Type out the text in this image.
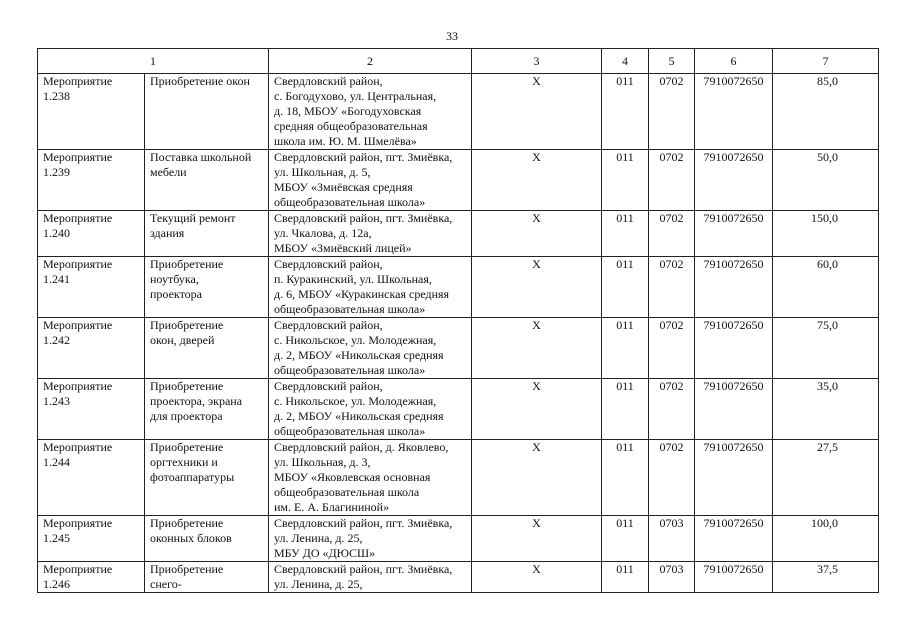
33
1		2	3	4	5	6	7

Мероприятие
1.238	Приобретение окон	Свердловский район,
с. Богодухово, ул. Центральная,
д. 18, МБОУ «Богодуховская
средняя общеобразовательная
школа им. Ю. М. Шмелёва»	X	011	0702	7910072650	85,0

Мероприятие
1.239	Поставка школьной
мебели	Свердловский район, пгт. Змиёвка,
ул. Школьная, д. 5,
МБОУ «Змиёвская средняя
общеобразовательная школа»	X	011	0702	7910072650	50,0

Мероприятие
1.240	Текущий ремонт
здания	Свердловский район, пгт. Змиёвка,
ул. Чкалова, д. 12а,
МБОУ «Змиёвский лицей»	X	011	0702	7910072650	150,0

Мероприятие
1.241	Приобретение
ноутбука,
проектора	Свердловский район,
п. Куракинский, ул. Школьная,
д. 6, МБОУ «Куракинская средняя
общеобразовательная школа»	X	011	0702	7910072650	60,0

Мероприятие
1.242	Приобретение
окон, дверей	Свердловский район,
с. Никольское, ул. Молодежная,
д. 2, МБОУ «Никольская средняя
общеобразовательная школа»	X	011	0702	7910072650	75,0

Мероприятие
1.243	Приобретение
проектора, экрана
для проектора	Свердловский район,
с. Никольское, ул. Молодежная,
д. 2, МБОУ «Никольская средняя
общеобразовательная школа»	X	011	0702	7910072650	35,0

Мероприятие
1.244	Приобретение
оргтехники и
фотоаппаратуры	Свердловский район, д. Яковлево,
ул. Школьная, д. 3,
МБОУ «Яковлевская основная
общеобразовательная школа
им. Е. А. Благининой»	X	011	0702	7910072650	27,5

Мероприятие
1.245	Приобретение
оконных блоков	Свердловский район, пгт. Змиёвка,
ул. Ленина, д. 25,
МБУ ДО «ДЮСШ»	X	011	0703	7910072650	100,0

Мероприятие
1.246	Приобретение
снего-	Свердловский район, пгт. Змиёвка,
ул. Ленина, д. 25,	X	011	0703	7910072650	37,5
